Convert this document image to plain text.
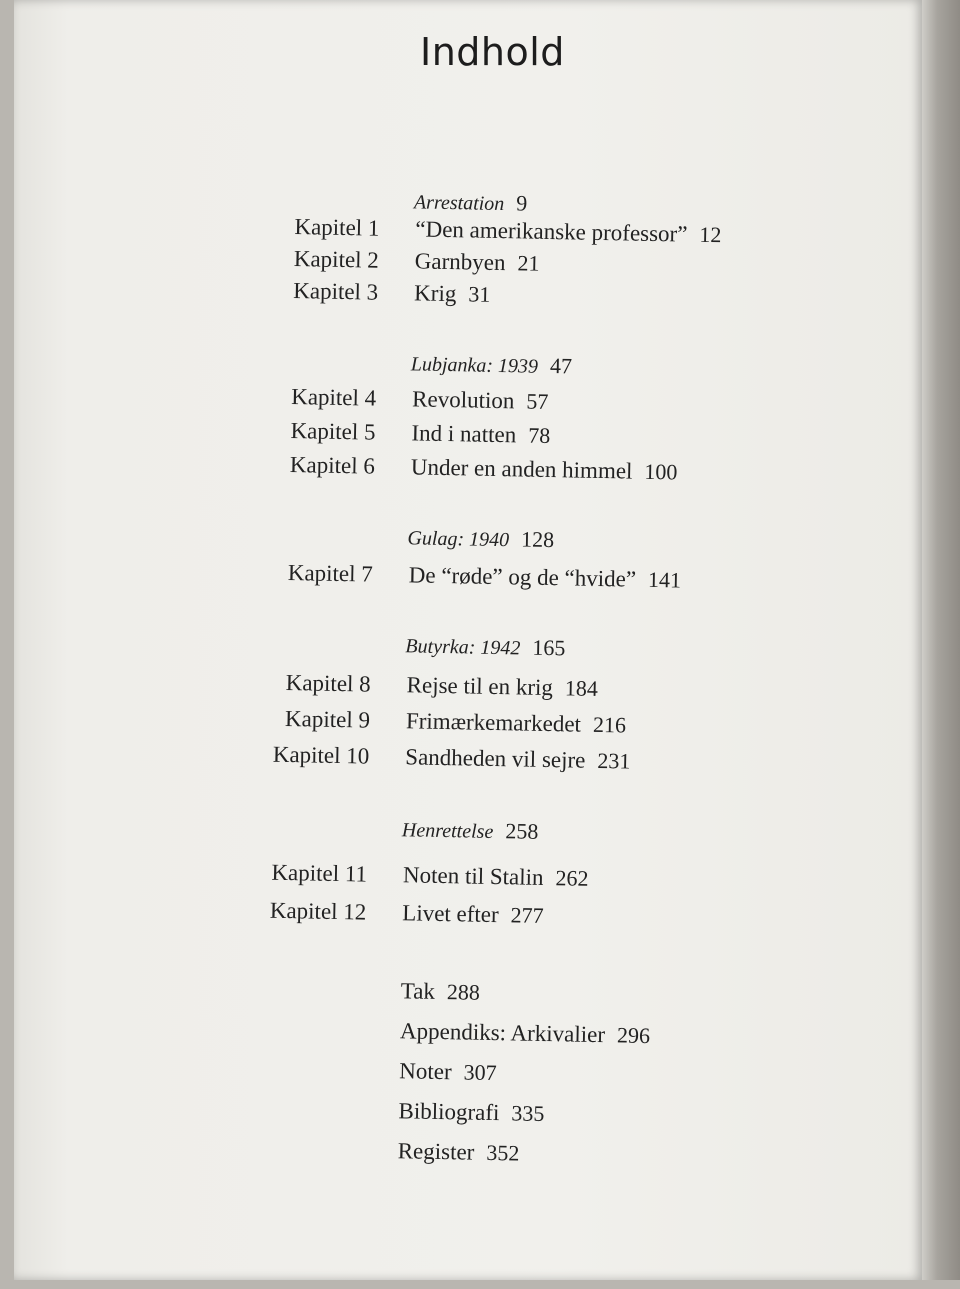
Indhold
Arrestation 9
Kapitel 1 “Den amerikanske professor” 12
Kapitel 2 Garnbyen 21
Kapitel 3 Krig 31
Lubjanka: 1939 47
Kapitel 4 Revolution 57
Kapitel 5 Ind i natten 78
Kapitel 6 Under en anden himmel 100
Gulag: 1940 128
Kapitel 7 De “røde” og de “hvide” 141
Butyrka: 1942 165
Kapitel 8 Rejse til en krig 184
Kapitel 9 Frimærkemarkedet 216
Kapitel 10 Sandheden vil sejre 231
Henrettelse 258
Kapitel 11 Noten til Stalin 262
Kapitel 12 Livet efter 277
Tak 288
Appendiks: Arkivalier 296
Noter 307
Bibliografi 335
Register 352
